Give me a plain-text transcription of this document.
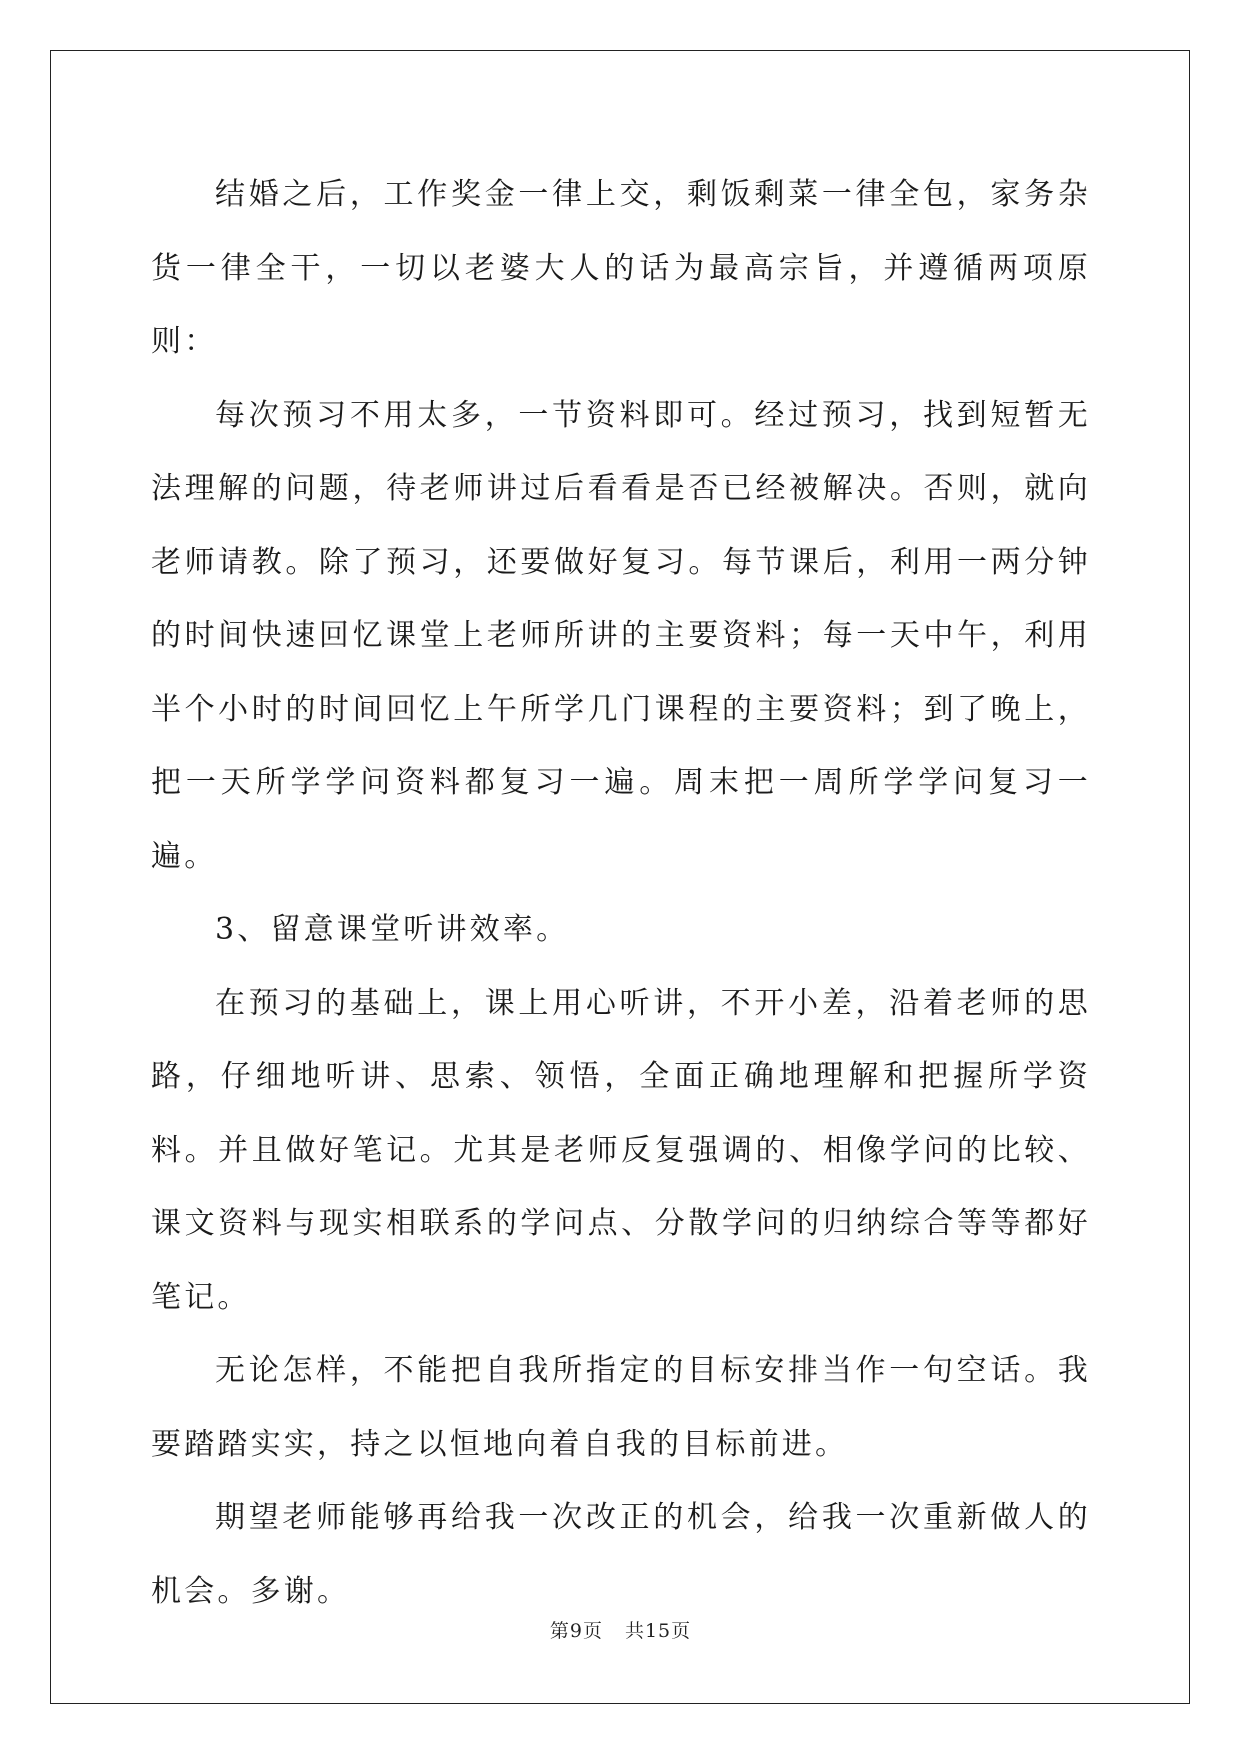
结婚之后，工作奖金一律上交，剩饭剩菜一律全包，家务杂货一律全干，一切以老婆大人的话为最高宗旨，并遵循两项原则：

每次预习不用太多，一节资料即可。经过预习，找到短暂无法理解的问题，待老师讲过后看看是否已经被解决。否则，就向老师请教。除了预习，还要做好复习。每节课后，利用一两分钟的时间快速回忆课堂上老师所讲的主要资料；每一天中午，利用半个小时的时间回忆上午所学几门课程的主要资料；到了晚上，把一天所学学问资料都复习一遍。周末把一周所学学问复习一遍。

3、留意课堂听讲效率。

在预习的基础上，课上用心听讲，不开小差，沿着老师的思路，仔细地听讲、思索、领悟，全面正确地理解和把握所学资料。并且做好笔记。尤其是老师反复强调的、相像学问的比较、课文资料与现实相联系的学问点、分散学问的归纳综合等等都好笔记。

无论怎样，不能把自我所指定的目标安排当作一句空话。我要踏踏实实，持之以恒地向着自我的目标前进。

期望老师能够再给我一次改正的机会，给我一次重新做人的机会。多谢。

第9页 共15页
